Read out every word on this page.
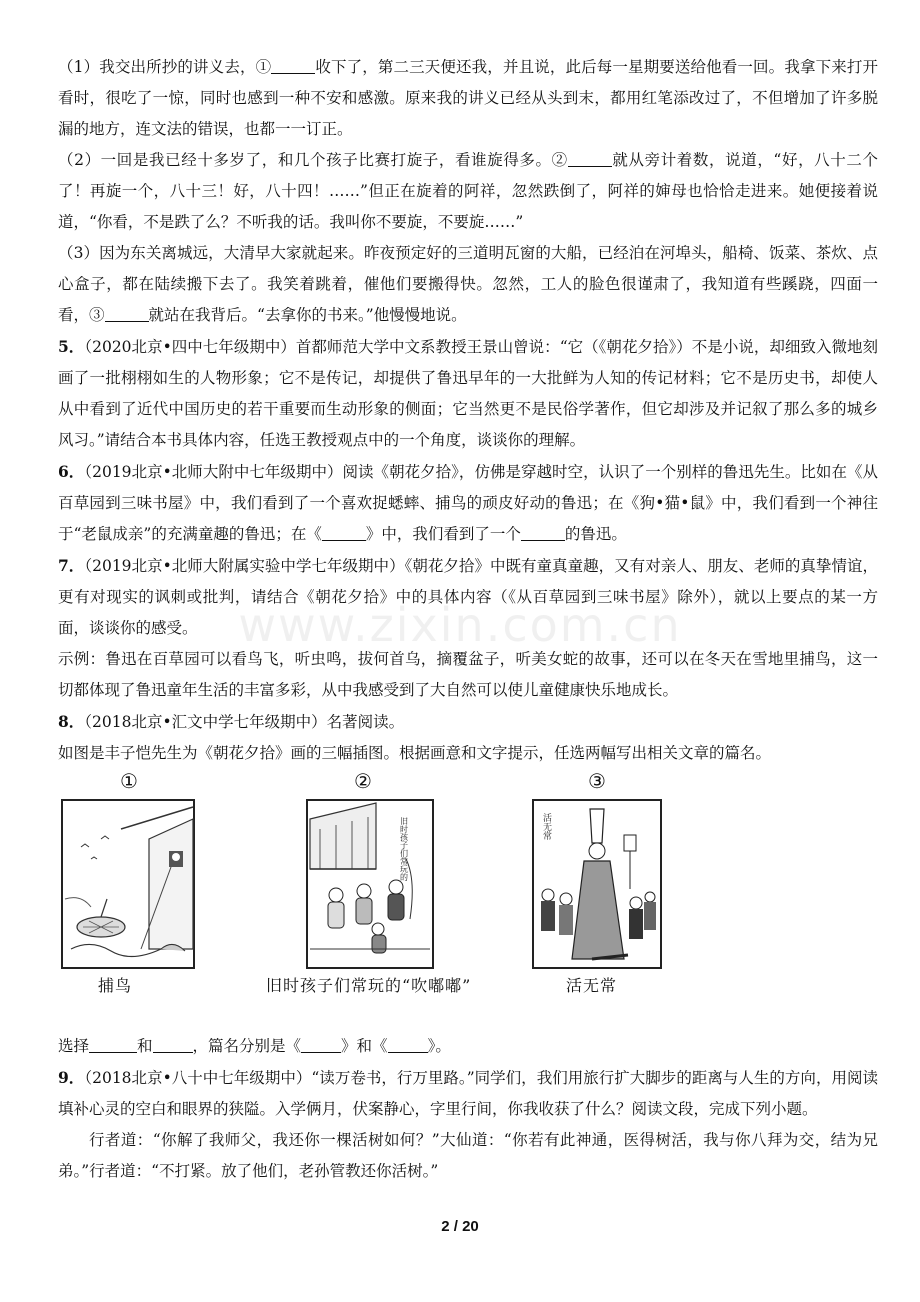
www.zixin.com.cn

（1）我交出所抄的讲义去，①	收下了，第二三天便还我，并且说，此后每一星期要送给他看一回。我拿下来打开看时，很吃了一惊，同时也感到一种不安和感激。原来我的讲义已经从头到末，都用红笔添改过了，不但增加了许多脱漏的地方，连文法的错误，也都一一订正。

（2）一回是我已经十多岁了，和几个孩子比赛打旋子，看谁旋得多。②	就从旁计着数，说道，“好，八十二个了！再旋一个，八十三！好，八十四！……”但正在旋着的阿祥，忽然跌倒了，阿祥的婶母也恰恰走进来。她便接着说道，“你看，不是跌了么？不听我的话。我叫你不要旋，不要旋……”

（3）因为东关离城远，大清早大家就起来。昨夜预定好的三道明瓦窗的大船，已经泊在河埠头，船椅、饭菜、茶炊、点心盒子，都在陆续搬下去了。我笑着跳着，催他们要搬得快。忽然，工人的脸色很谨肃了，我知道有些蹊跷，四面一看，③	就站在我背后。“去拿你的书来。”他慢慢地说。

5．（2020北京•四中七年级期中）首都师范大学中文系教授王景山曾说：“它（《朝花夕拾》）不是小说，却细致入微地刻画了一批栩栩如生的人物形象；它不是传记，却提供了鲁迅早年的一大批鲜为人知的传记材料；它不是历史书，却使人从中看到了近代中国历史的若干重要而生动形象的侧面；它当然更不是民俗学著作，但它却涉及并记叙了那么多的城乡风习。”请结合本书具体内容，任选王教授观点中的一个角度，谈谈你的理解。

6．（2019北京•北师大附中七年级期中）阅读《朝花夕拾》，仿佛是穿越时空，认识了一个别样的鲁迅先生。比如在《从百草园到三味书屋》中，我们看到了一个喜欢捉蟋蟀、捕鸟的顽皮好动的鲁迅；在《狗•猫•鼠》中，我们看到一个神往于“老鼠成亲”的充满童趣的鲁迅；在《	》中，我们看到了一个	的鲁迅。

7．（2019北京•北师大附属实验中学七年级期中）《朝花夕拾》中既有童真童趣，又有对亲人、朋友、老师的真挚情谊，更有对现实的讽刺或批判，请结合《朝花夕拾》中的具体内容（《从百草园到三味书屋》除外），就以上要点的某一方面，谈谈你的感受。

示例：鲁迅在百草园可以看鸟飞，听虫鸣，拔何首乌，摘覆盆子，听美女蛇的故事，还可以在冬天在雪地里捕鸟，这一切都体现了鲁迅童年生活的丰富多彩，从中我感受到了大自然可以使儿童健康快乐地成长。

8．（2018北京•汇文中学七年级期中）名著阅读。

如图是丰子恺先生为《朝花夕拾》画的三幅插图。根据画意和文字提示，任选两幅写出相关文章的篇名。

①
捕鸟
②
旧时孩子们常玩的
旧时孩子们常玩的“吹嘟嘟”
③
活无常
活无常

选择	和	，篇名分别是《	》和《	》。

9．（2018北京•八十中七年级期中）“读万卷书，行万里路。”同学们，我们用旅行扩大脚步的距离与人生的方向，用阅读填补心灵的空白和眼界的狭隘。入学俩月，伏案静心，字里行间，你我收获了什么？阅读文段，完成下列小题。

行者道：“你解了我师父，我还你一棵活树如何？”大仙道：“你若有此神通，医得树活，我与你八拜为交，结为兄弟。”行者道：“不打紧。放了他们，老孙管教还你活树。”

2 / 20
